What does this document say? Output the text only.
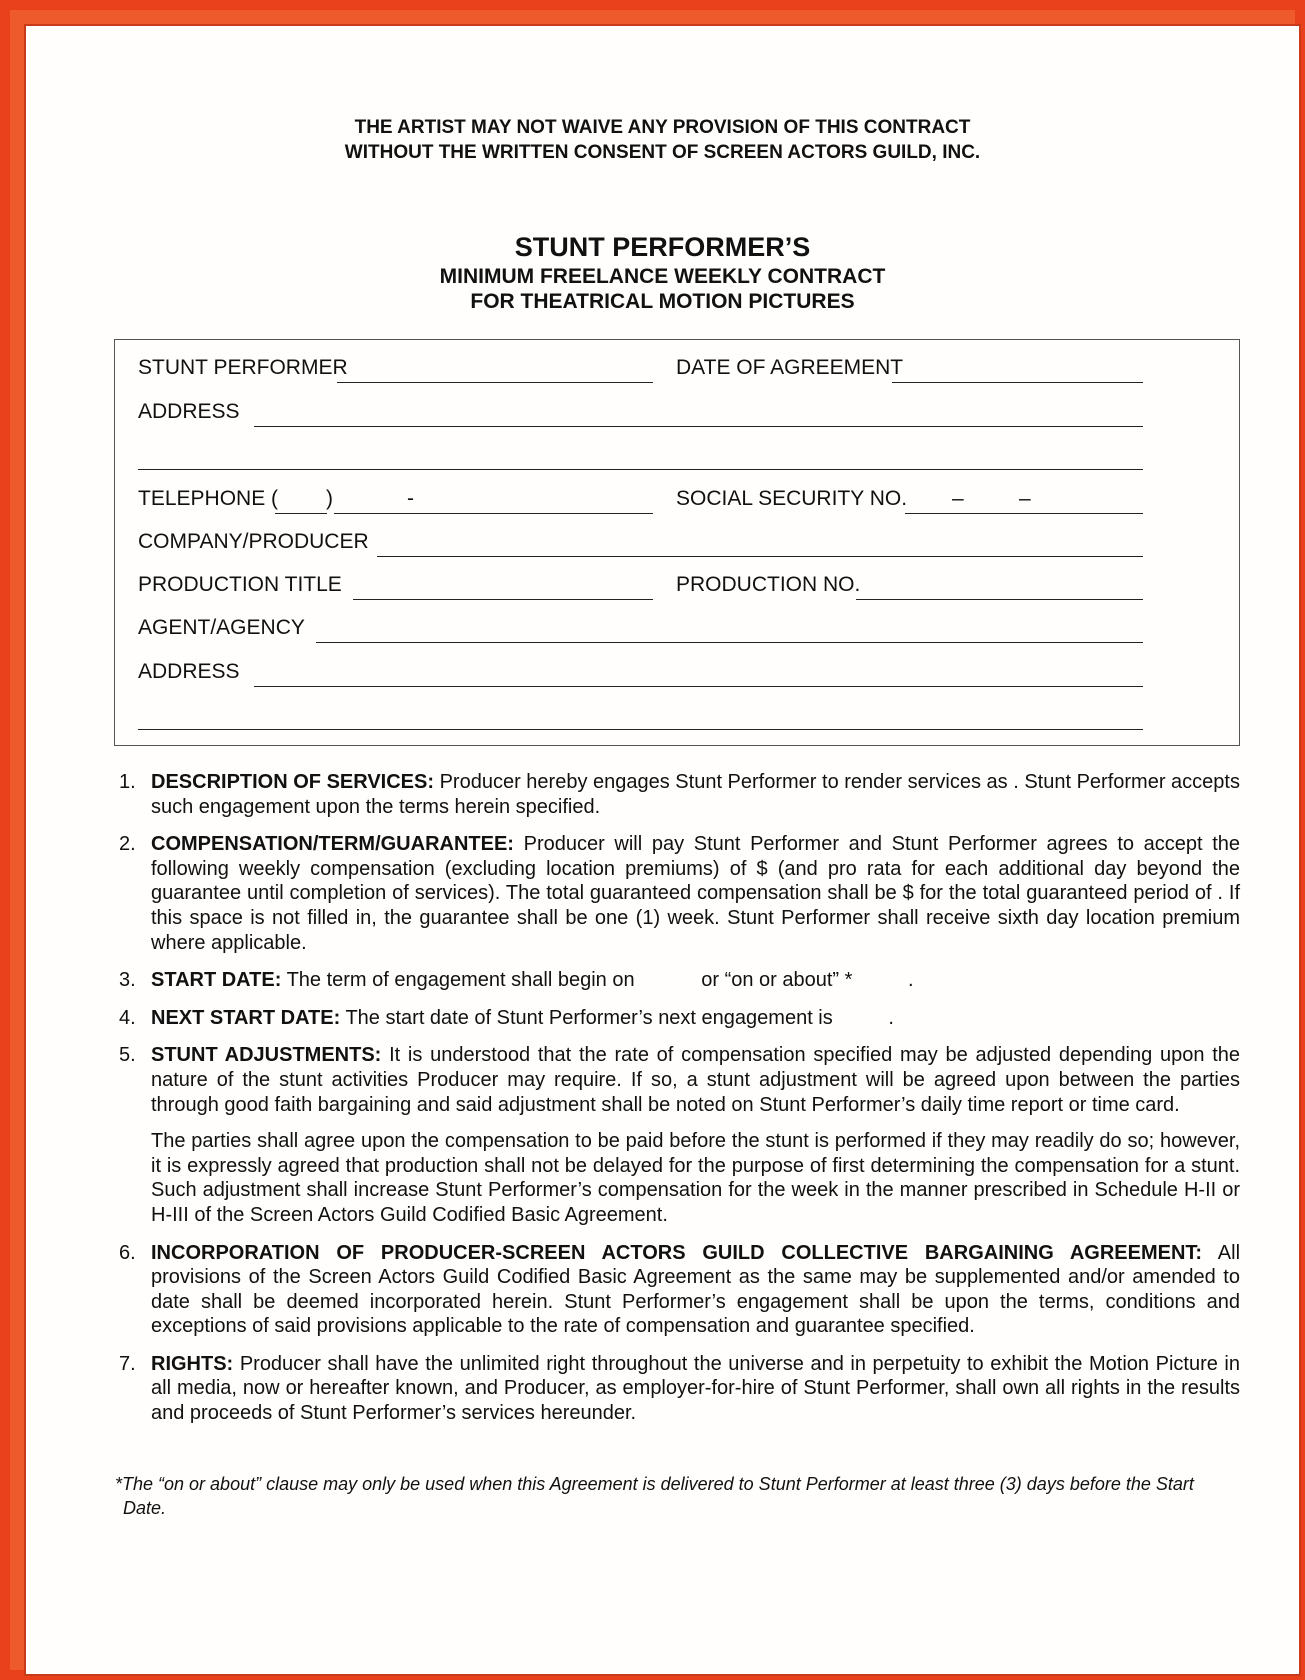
THE ARTIST MAY NOT WAIVE ANY PROVISION OF THIS CONTRACT
WITHOUT THE WRITTEN CONSENT OF SCREEN ACTORS GUILD, INC.
STUNT PERFORMER’S
MINIMUM FREELANCE WEEKLY CONTRACT
FOR THEATRICAL MOTION PICTURES
STUNT PERFORMER	DATE OF AGREEMENT
ADDRESS
TELEPHONE ( )	-	SOCIAL SECURITY NO. –	–
COMPANY/PRODUCER
PRODUCTION TITLE	PRODUCTION NO.
AGENT/AGENCY
ADDRESS
1. DESCRIPTION OF SERVICES: Producer hereby engages Stunt Performer to render services as . Stunt Performer accepts such engagement upon the terms herein specified.

2. COMPENSATION/TERM/GUARANTEE: Producer will pay Stunt Performer and Stunt Performer agrees to accept the following weekly compensation (excluding location premiums) of $ (and pro rata for each additional day beyond the guarantee until completion of services). The total guaranteed compensation shall be $ for the total guaranteed period of . If this space is not filled in, the guarantee shall be one (1) week. Stunt Performer shall receive sixth day location premium where applicable.

3. START DATE: The term of engagement shall begin on            or “on or about” *          .

4. NEXT START DATE: The start date of Stunt Performer’s next engagement is          .

5. STUNT ADJUSTMENTS: It is understood that the rate of compensation specified may be adjusted depending upon the nature of the stunt activities Producer may require. If so, a stunt adjustment will be agreed upon between the parties through good faith bargaining and said adjustment shall be noted on Stunt Performer’s daily time report or time card.

The parties shall agree upon the compensation to be paid before the stunt is performed if they may readily do so; however, it is expressly agreed that production shall not be delayed for the purpose of first determining the compensation for a stunt. Such adjustment shall increase Stunt Performer’s compensation for the week in the manner prescribed in Schedule H-II or H-III of the Screen Actors Guild Codified Basic Agreement.

6. INCORPORATION OF PRODUCER-SCREEN ACTORS GUILD COLLECTIVE BARGAINING AGREEMENT: All provisions of the Screen Actors Guild Codified Basic Agreement as the same may be supplemented and/or amended to date shall be deemed incorporated herein. Stunt Performer’s engagement shall be upon the terms, conditions and exceptions of said provisions applicable to the rate of compensation and guarantee specified.

7. RIGHTS: Producer shall have the unlimited right throughout the universe and in perpetuity to exhibit the Motion Picture in all media, now or hereafter known, and Producer, as employer-for-hire of Stunt Performer, shall own all rights in the results and proceeds of Stunt Performer’s services hereunder.

*The “on or about” clause may only be used when this Agreement is delivered to Stunt Performer at least three (3) days before the Start
Date.
